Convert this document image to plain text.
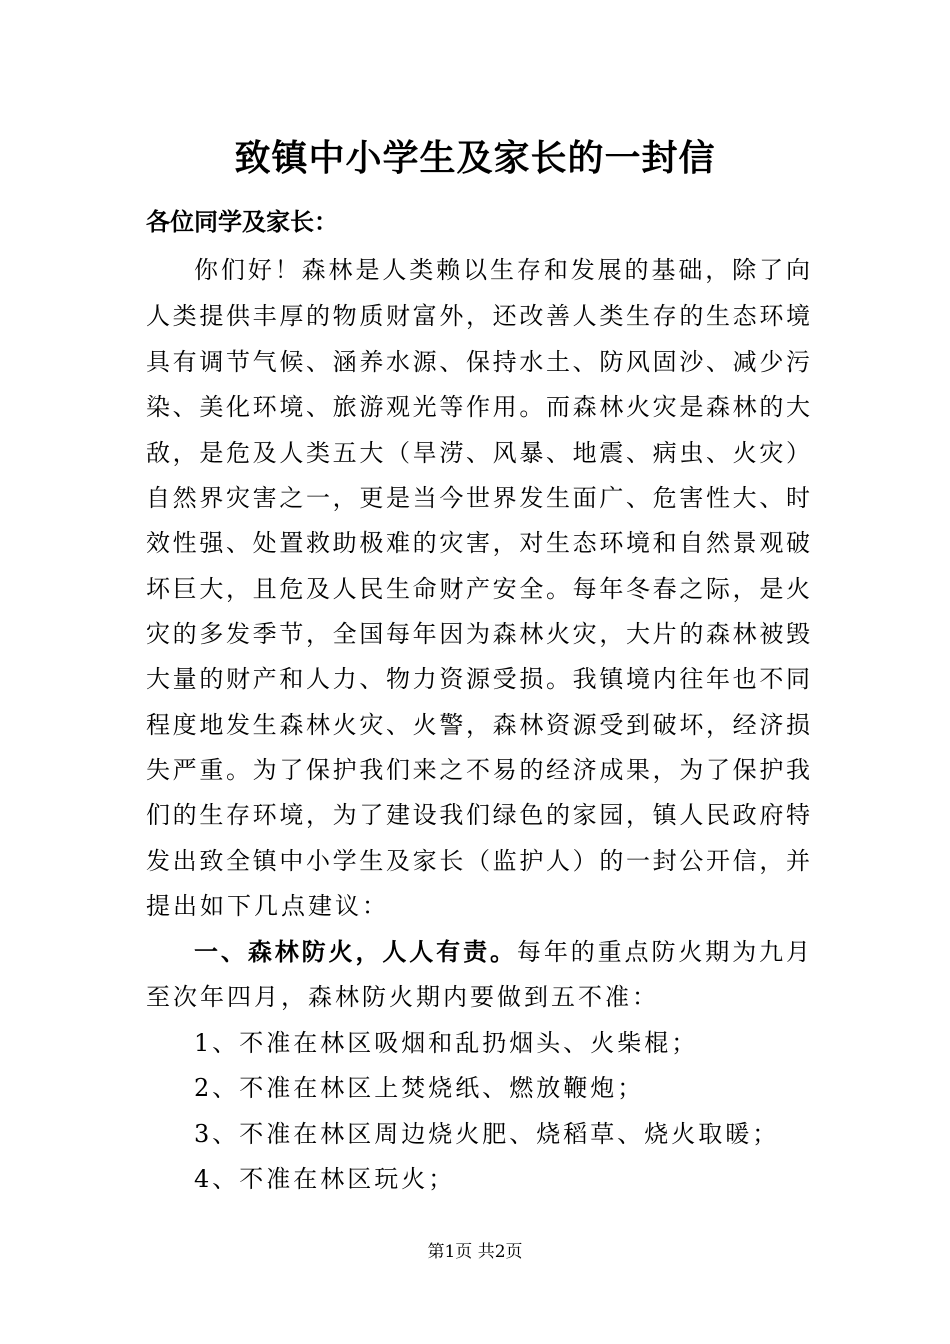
致镇中小学生及家长的一封信
各位同学及家长：
你们好！森林是人类赖以生存和发展的基础，除了向
人类提供丰厚的物质财富外，还改善人类生存的生态环境
具有调节气候、涵养水源、保持水土、防风固沙、减少污
染、美化环境、旅游观光等作用。而森林火灾是森林的大
敌，是危及人类五大（旱涝、风暴、地震、病虫、火灾）
自然界灾害之一，更是当今世界发生面广、危害性大、时
效性强、处置救助极难的灾害，对生态环境和自然景观破
坏巨大，且危及人民生命财产安全。每年冬春之际，是火
灾的多发季节，全国每年因为森林火灾，大片的森林被毁
大量的财产和人力、物力资源受损。我镇境内往年也不同
程度地发生森林火灾、火警，森林资源受到破坏，经济损
失严重。为了保护我们来之不易的经济成果，为了保护我
们的生存环境，为了建设我们绿色的家园，镇人民政府特
发出致全镇中小学生及家长（监护人）的一封公开信，并
提出如下几点建议：
一、森林防火，人人有责。每年的重点防火期为九月
至次年四月，森林防火期内要做到五不准：
1、不准在林区吸烟和乱扔烟头、火柴棍；
2、不准在林区上焚烧纸、燃放鞭炮；
3、不准在林区周边烧火肥、烧稻草、烧火取暖；
4、不准在林区玩火；
第1页 共2页
